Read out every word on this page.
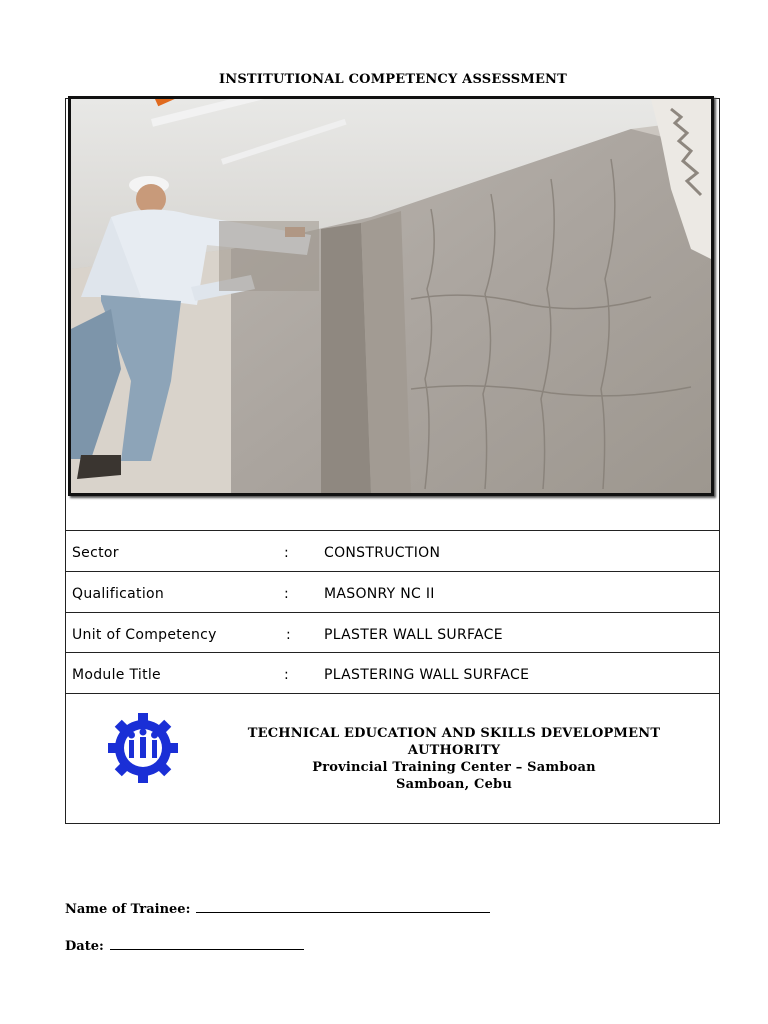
INSTITUTIONAL COMPETENCY ASSESSMENT
Sector	: CONSTRUCTION
Qualification	: MASONRY NC II
Unit of Competency	: PLASTER WALL SURFACE
Module Title	: PLASTERING WALL SURFACE
TECHNICAL EDUCATION AND SKILLS DEVELOPMENT
AUTHORITY
Provincial Training Center – Samboan
Samboan, Cebu
Name of Trainee:
Date:
